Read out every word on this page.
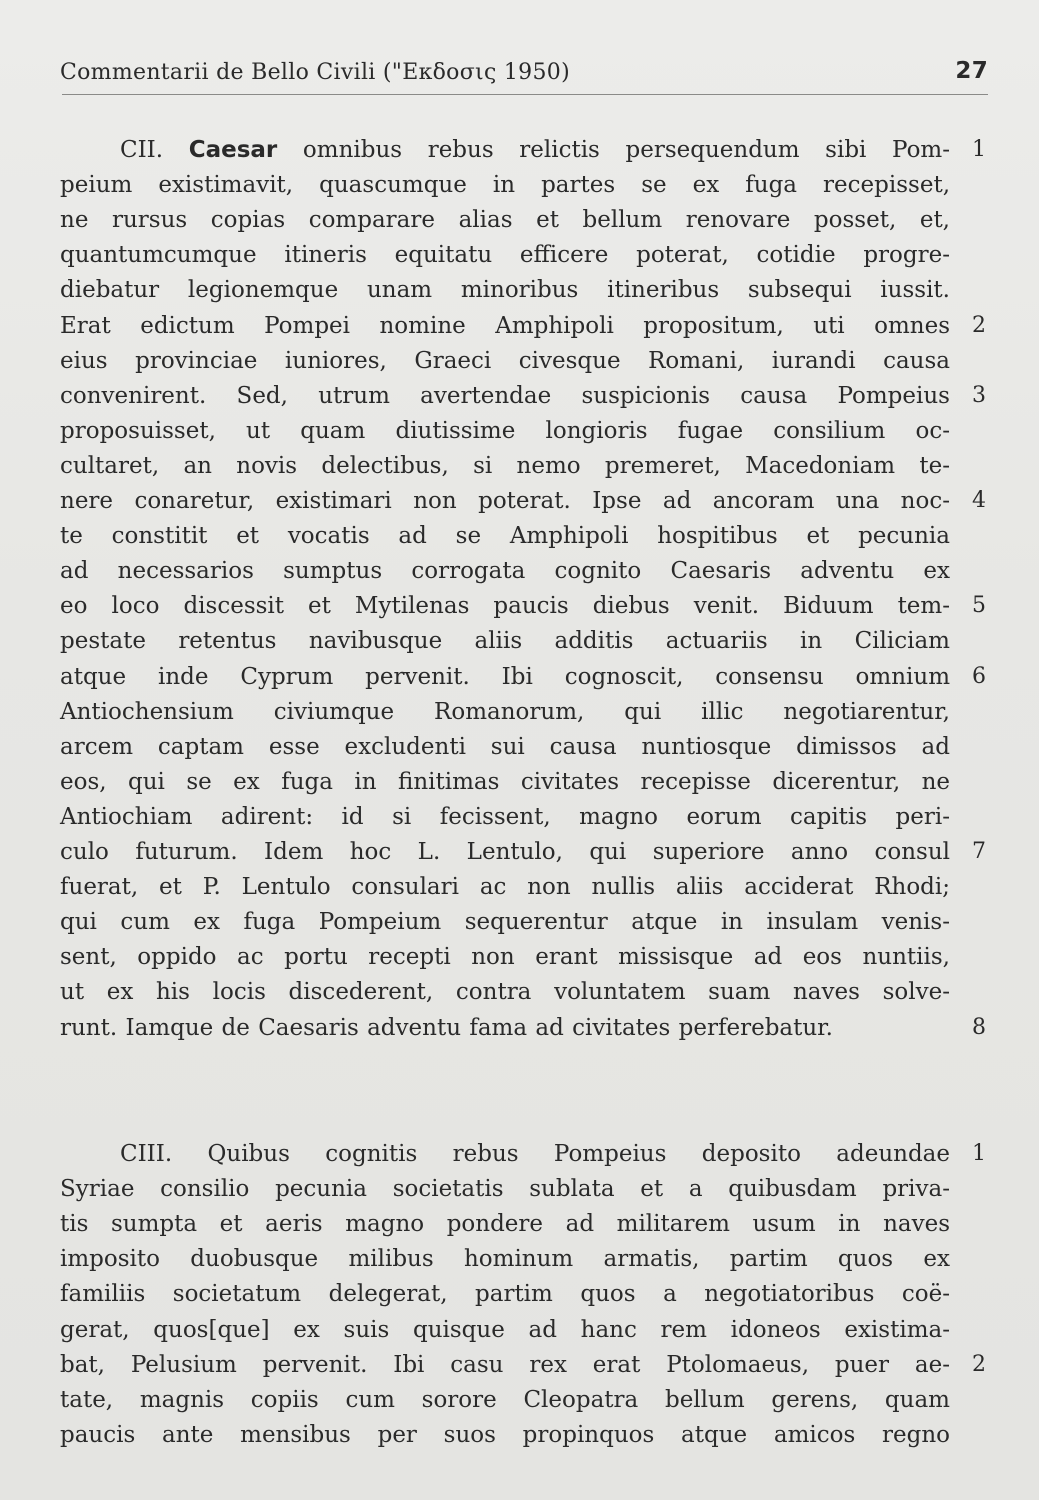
Commentarii de Bello Civili ("Εκδοσις 1950)	27
CII. Caesar omnibus rebus relictis persequendum sibi Pom- 1
peium existimavit, quascumque in partes se ex fuga recepisset,
ne rursus copias comparare alias et bellum renovare posset, et,
quantumcumque itineris equitatu efficere poterat, cotidie progre-
diebatur legionemque unam minoribus itineribus subsequi iussit.
Erat edictum Pompei nomine Amphipoli propositum, uti omnes 2
eius provinciae iuniores, Graeci civesque Romani, iurandi causa
convenirent. Sed, utrum avertendae suspicionis causa Pompeius 3
proposuisset, ut quam diutissime longioris fugae consilium oc-
cultaret, an novis delectibus, si nemo premeret, Macedoniam te-
nere conaretur, existimari non poterat. Ipse ad ancoram una noc- 4
te constitit et vocatis ad se Amphipoli hospitibus et pecunia
ad necessarios sumptus corrogata cognito Caesaris adventu ex
eo loco discessit et Mytilenas paucis diebus venit. Biduum tem- 5
pestate retentus navibusque aliis additis actuariis in Ciliciam
atque inde Cyprum pervenit. Ibi cognoscit, consensu omnium 6
Antiochensium civiumque Romanorum, qui illic negotiarentur,
arcem captam esse excludenti sui causa nuntiosque dimissos ad
eos, qui se ex fuga in finitimas civitates recepisse dicerentur, ne
Antiochiam adirent: id si fecissent, magno eorum capitis peri-
culo futurum. Idem hoc L. Lentulo, qui superiore anno consul 7
fuerat, et P. Lentulo consulari ac non nullis aliis acciderat Rhodi;
qui cum ex fuga Pompeium sequerentur atque in insulam venis-
sent, oppido ac portu recepti non erant missisque ad eos nuntiis,
ut ex his locis discederent, contra voluntatem suam naves solve-
runt. Iamque de Caesaris adventu fama ad civitates perferebatur.	8
CIII. Quibus cognitis rebus Pompeius deposito adeundae 1
Syriae consilio pecunia societatis sublata et a quibusdam priva-
tis sumpta et aeris magno pondere ad militarem usum in naves
imposito duobusque milibus hominum armatis, partim quos ex
familiis societatum delegerat, partim quos a negotiatoribus coë-
gerat, quos[que] ex suis quisque ad hanc rem idoneos existima-
bat, Pelusium pervenit. Ibi casu rex erat Ptolomaeus, puer ae- 2
tate, magnis copiis cum sorore Cleopatra bellum gerens, quam
paucis ante mensibus per suos propinquos atque amicos regno
